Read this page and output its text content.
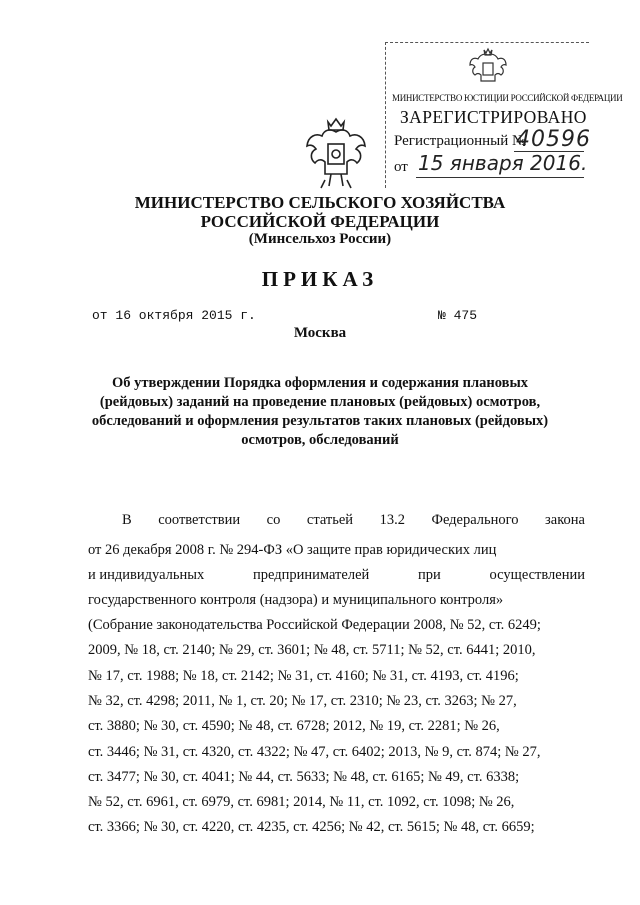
МИНИСТЕРСТВО ЮСТИЦИИ РОССИЙСКОЙ ФЕДЕРАЦИИ
ЗАРЕГИСТРИРОВАНО
Регистрационный №
40596
от 15 января 2016.
МИНИСТЕРСТВО СЕЛЬСКОГО ХОЗЯЙСТВА
РОССИЙСКОЙ ФЕДЕРАЦИИ
(Минсельхоз России)
ПРИКАЗ
от 16 октября 2015 г.	№ 475
Москва
Об утверждении Порядка оформления и содержания плановых
(рейдовых) заданий на проведение плановых (рейдовых) осмотров,
обследований и оформления результатов таких плановых (рейдовых)
осмотров, обследований
В соответствии со статьей 13.2 Федерального закона
от 26 декабря 2008 г. № 294-ФЗ «О защите прав юридических лиц
и индивидуальных	предпринимателей	при	осуществлении
государственного контроля (надзора) и муниципального контроля»
(Собрание законодательства Российской Федерации 2008, № 52, ст. 6249;
2009, № 18, ст. 2140; № 29, ст. 3601; № 48, ст. 5711; № 52, ст. 6441; 2010,
№ 17, ст. 1988; № 18, ст. 2142; № 31, ст. 4160; № 31, ст. 4193, ст. 4196;
№ 32, ст. 4298; 2011, № 1, ст. 20; № 17, ст. 2310; № 23, ст. 3263; № 27,
ст. 3880; № 30, ст. 4590; № 48, ст. 6728; 2012, № 19, ст. 2281; № 26,
ст. 3446; № 31, ст. 4320, ст. 4322; № 47, ст. 6402; 2013, № 9, ст. 874; № 27,
ст. 3477; № 30, ст. 4041; № 44, ст. 5633; № 48, ст. 6165; № 49, ст. 6338;
№ 52, ст. 6961, ст. 6979, ст. 6981; 2014, № 11, ст. 1092, ст. 1098; № 26,
ст. 3366; № 30, ст. 4220, ст. 4235, ст. 4256; № 42, ст. 5615; № 48, ст. 6659;
